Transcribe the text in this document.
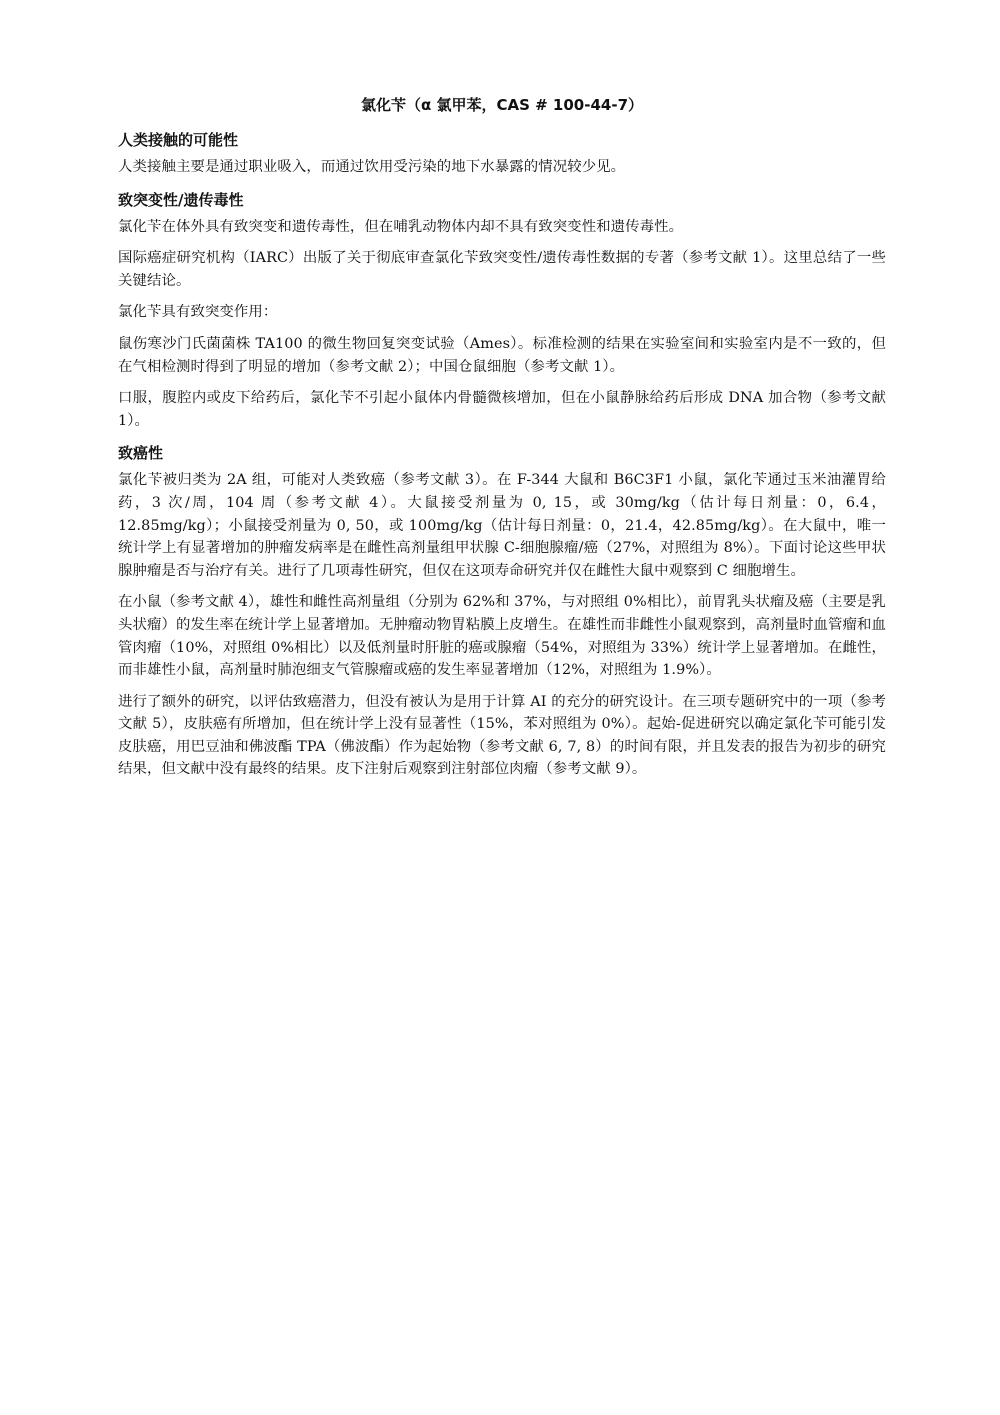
氯化苄（α 氯甲苯，CAS # 100-44-7）
人类接触的可能性

人类接触主要是通过职业吸入，而通过饮用受污染的地下水暴露的情况较少见。

致突变性/遗传毒性

氯化苄在体外具有致突变和遗传毒性，但在哺乳动物体内却不具有致突变性和遗传毒性。

国际癌症研究机构（IARC）出版了关于彻底审查氯化苄致突变性/遗传毒性数据的专著（参考文献 1）。这里总结了一些关键结论。

氯化苄具有致突变作用：

鼠伤寒沙门氏菌菌株 TA100 的微生物回复突变试验（Ames）。标准检测的结果在实验室间和实验室内是不一致的，但在气相检测时得到了明显的增加（参考文献 2）；中国仓鼠细胞（参考文献 1）。

口服，腹腔内或皮下给药后，氯化苄不引起小鼠体内骨髓微核增加，但在小鼠静脉给药后形成 DNA 加合物（参考文献 1）。

致癌性

氯化苄被归类为 2A 组，可能对人类致癌（参考文献 3）。在 F-344 大鼠和 B6C3F1 小鼠，氯化苄通过玉米油灌胃给药，3 次/周，104 周（参考文献 4）。大鼠接受剂量为 0, 15，或 30mg/kg（估计每日剂量：0，6.4，12.85mg/kg）；小鼠接受剂量为 0, 50，或 100mg/kg（估计每日剂量：0，21.4，42.85mg/kg）。在大鼠中，唯一统计学上有显著增加的肿瘤发病率是在雌性高剂量组甲状腺 C-细胞腺瘤/癌（27%，对照组为 8%）。下面讨论这些甲状腺肿瘤是否与治疗有关。进行了几项毒性研究，但仅在这项寿命研究并仅在雌性大鼠中观察到 C 细胞增生。

在小鼠（参考文献 4），雄性和雌性高剂量组（分别为 62%和 37%，与对照组 0%相比），前胃乳头状瘤及癌（主要是乳头状瘤）的发生率在统计学上显著增加。无肿瘤动物胃粘膜上皮增生。在雄性而非雌性小鼠观察到，高剂量时血管瘤和血管肉瘤（10%，对照组 0%相比）以及低剂量时肝脏的癌或腺瘤（54%，对照组为 33%）统计学上显著增加。在雌性，而非雄性小鼠，高剂量时肺泡细支气管腺瘤或癌的发生率显著增加（12%，对照组为 1.9%）。

进行了额外的研究，以评估致癌潜力，但没有被认为是用于计算 AI 的充分的研究设计。在三项专题研究中的一项（参考文献 5），皮肤癌有所增加，但在统计学上没有显著性（15%，苯对照组为 0%）。起始-促进研究以确定氯化苄可能引发皮肤癌，用巴豆油和佛波酯 TPA（佛波酯）作为起始物（参考文献 6, 7, 8）的时间有限，并且发表的报告为初步的研究结果，但文献中没有最终的结果。皮下注射后观察到注射部位肉瘤（参考文献 9）。
